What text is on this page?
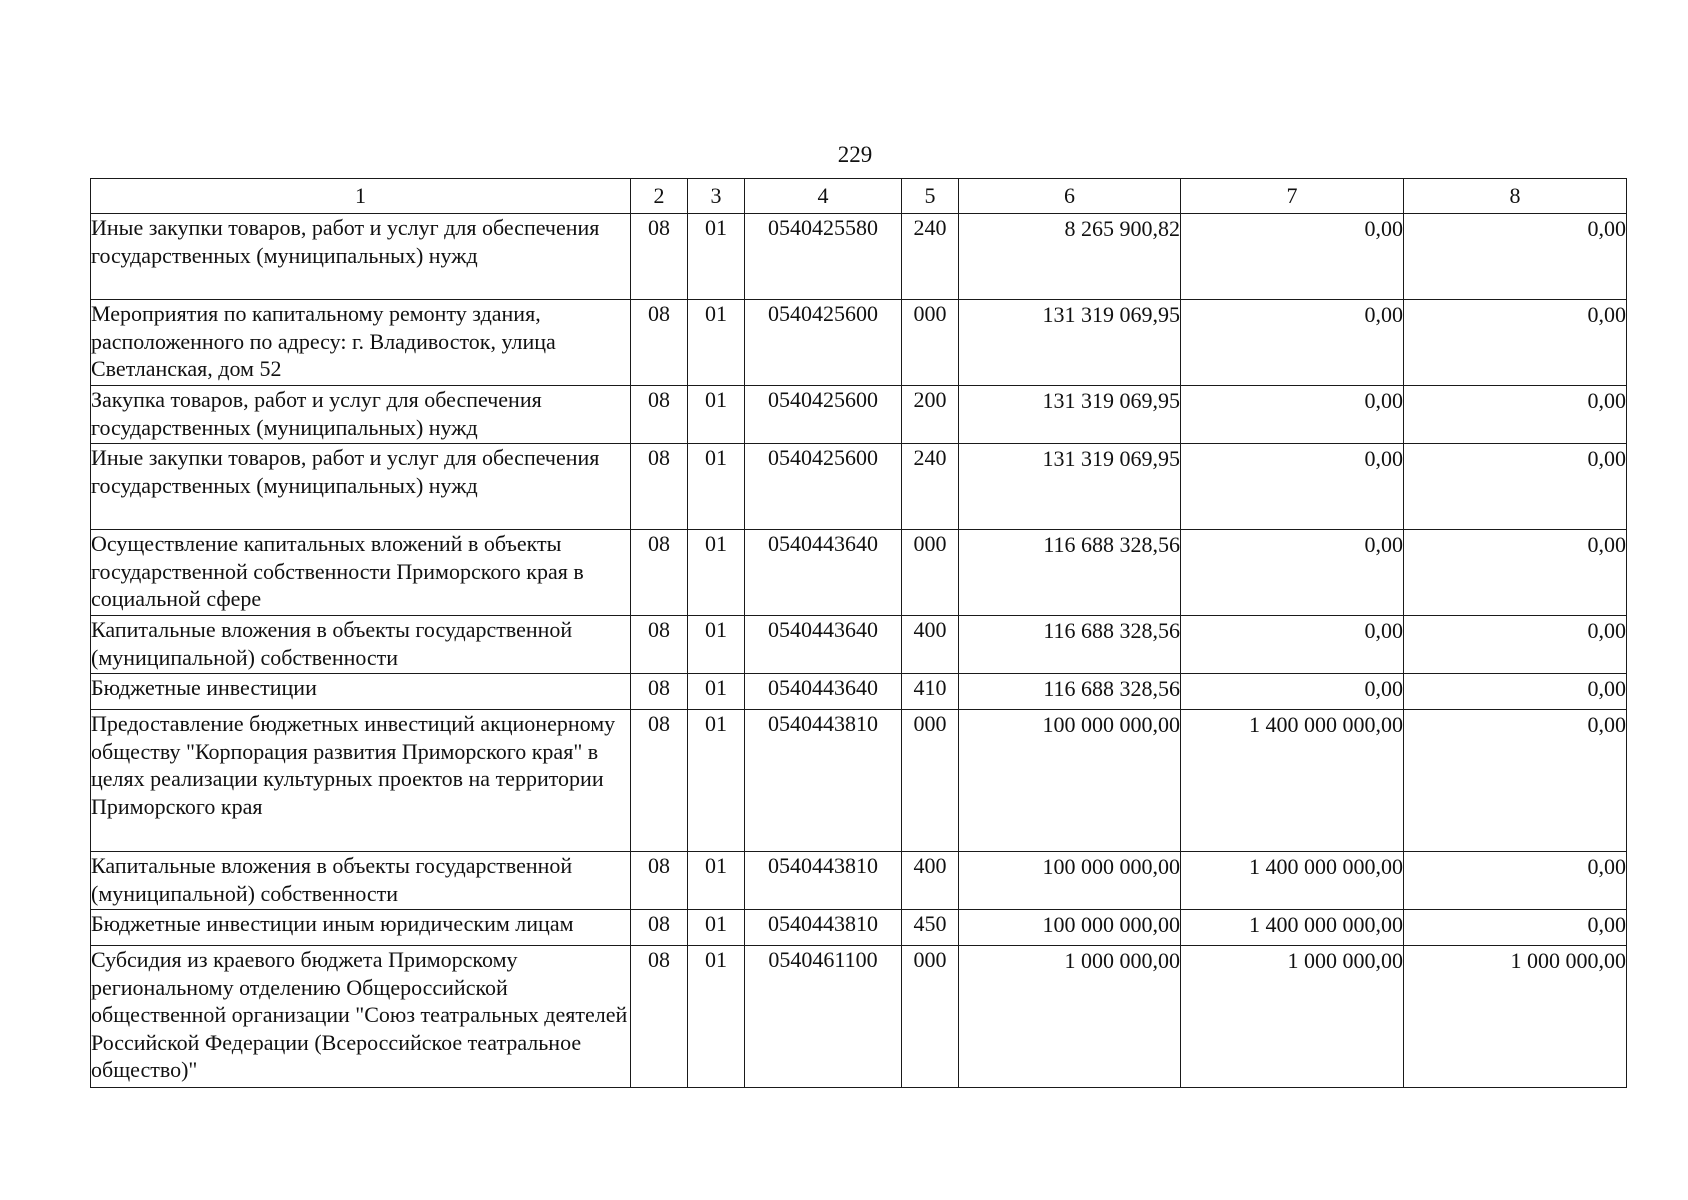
229
1	2	3	4	5	6	7	8
Иные закупки товаров, работ и услуг для обеспечения государственных (муниципальных) нужд	08	01	0540425580	240	8 265 900,82	0,00	0,00
Мероприятия по капитальному ремонту здания, расположенного по адресу: г. Владивосток, улица Светланская, дом 52	08	01	0540425600	000	131 319 069,95	0,00	0,00
Закупка товаров, работ и услуг для обеспечения государственных (муниципальных) нужд	08	01	0540425600	200	131 319 069,95	0,00	0,00
Иные закупки товаров, работ и услуг для обеспечения государственных (муниципальных) нужд	08	01	0540425600	240	131 319 069,95	0,00	0,00
Осуществление капитальных вложений в объекты государственной собственности Приморского края в социальной сфере	08	01	0540443640	000	116 688 328,56	0,00	0,00
Капитальные вложения в объекты государственной (муниципальной) собственности	08	01	0540443640	400	116 688 328,56	0,00	0,00
Бюджетные инвестиции	08	01	0540443640	410	116 688 328,56	0,00	0,00
Предоставление бюджетных инвестиций акционерному обществу "Корпорация развития Приморского края" в целях реализации культурных проектов на территории Приморского края	08	01	0540443810	000	100 000 000,00	1 400 000 000,00	0,00
Капитальные вложения в объекты государственной (муниципальной) собственности	08	01	0540443810	400	100 000 000,00	1 400 000 000,00	0,00
Бюджетные инвестиции иным юридическим лицам	08	01	0540443810	450	100 000 000,00	1 400 000 000,00	0,00
Субсидия из краевого бюджета Приморскому региональному отделению Общероссийской общественной организации "Союз театральных деятелей Российской Федерации (Всероссийское театральное общество)"	08	01	0540461100	000	1 000 000,00	1 000 000,00	1 000 000,00
